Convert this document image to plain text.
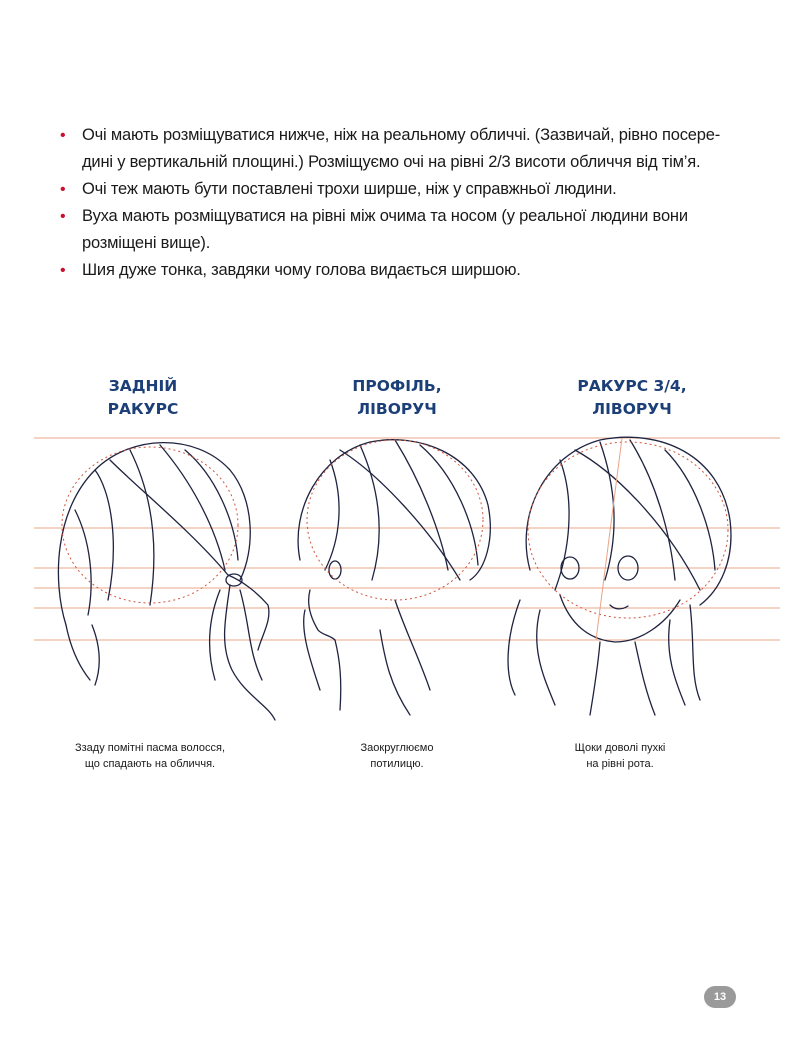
• Очі мають розміщуватися нижче, ніж на реальному обличчі. (Зазвичай, рівно посере-дині у вертикальній площині.) Розміщуємо очі на рівні 2/3 висоти обличчя від тім’я.
• Очі теж мають бути поставлені трохи ширше, ніж у справжньої людини.
• Вуха мають розміщуватися на рівні між очима та носом (у реальної людини вони розміщені вище).
• Шия дуже тонка, завдяки чому голова видається ширшою.
ЗАДНІЙ
РАКУРС
ПРОФІЛЬ,
ЛІВОРУЧ
РАКУРС 3/4,
ЛІВОРУЧ
Ззаду помітні пасма волосся,
що спадають на обличчя.
Заокруглюємо
потилицю.
Щоки доволі пухкі
на рівні рота.
13
